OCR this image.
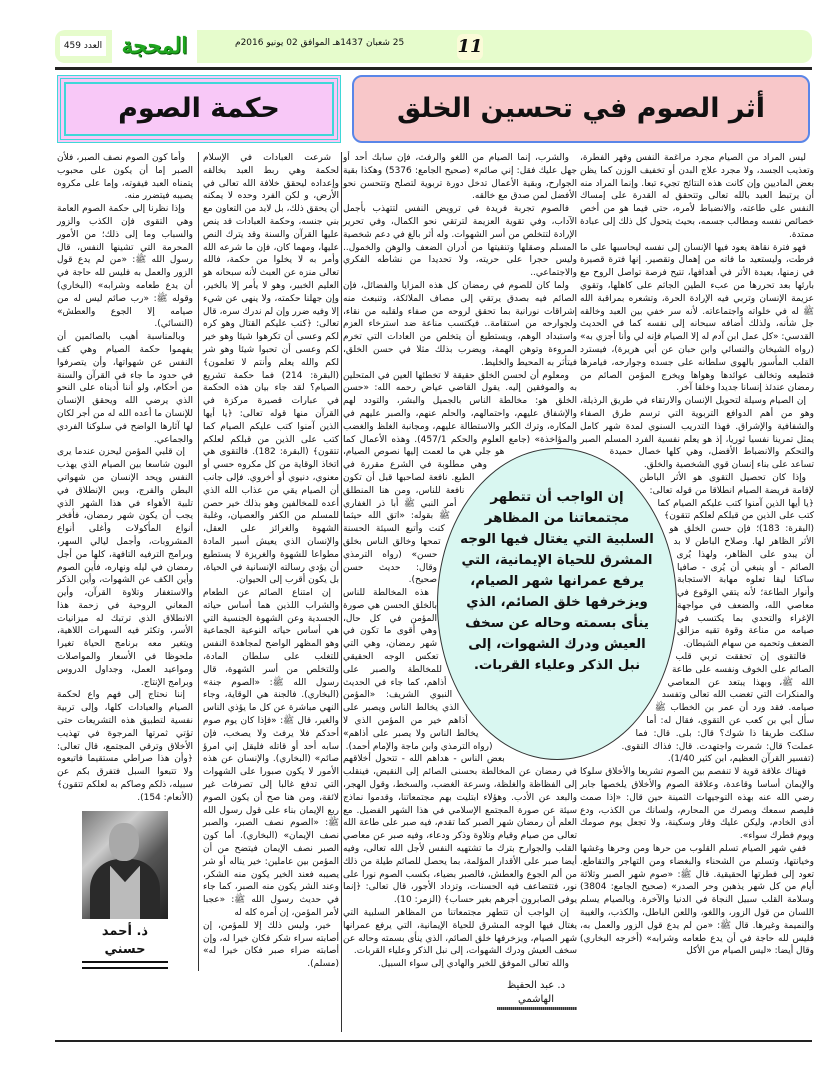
العدد 459 المحجة	25 شعبان 1437هـ الموافق 02 يونيو 2016م	11
أثر الصوم في تحسين الخلق
حكمة الصوم

ليس المراد من الصيام مجرد مراغمة النفس وقهر الفطرة، وتعذيب الجسد، ولا مجرد علاج البدن أو تخفيف الوزن كما يظن بعض الماديين وإن كانت هذه النتائج تجيء تبعا. وإنما المراد منه أن يرتبط العبد بالله تعالى وتتحقق له القدرة على إمساك النفس على طاعته، والانضباط لأمره، حتى فيما هو من أخص خصائص نفسه ومطالب جسمه، بحيث يتحول كل ذلك إلى عبادة ممتدة.

فهو فترة نقاهة يعود فيها الإنسان إلى نفسه ليحاسبها على ما فرطت، وليستعيد ما فاته من إهمال وتقصير. إنها فترة قصيرة في زمنها، بعيدة الأثر في أهدافها، تتيح فرصة تواصل الروح مع بارئها بعد تحررها من عبء الطين الجاثم على كاهلها، وتقوي عزيمة الإنسان وتربي فيه الإرادة الحرة، وتشعره بمراقبة الله ﷺ له في خلواته واجتماعاته. لأنه سر خفي بين العبد وخالقه جل شأنه، ولذلك أضافه سبحانه إلى نفسه كما في الحديث القدسي: «كل عمل ابن آدم له إلا الصيام فإنه لي وأنا أجزي به» (رواه الشيخان والنسائي وابن حبان عن أبي هريرة)، فيسترد القلب المأسور بالهوى سلطانه على جسده وجوارحه، فيامرها فتطيعه وتخالف عوائدها وهواها ويخرج المؤمن الصائم من رمضان عندئذ إنسانا جديدا وخلقا آخر.

إن الصيام وسيلة لتحويل الإنسان والارتقاء في طريق الرذيلة، وهو من أهم الدوافع التربوية التي ترسم طرق الصفاء والشفافية والإشراق. فهذا التدريب السنوي لمدة شهر كامل يمثل تمرينا نفسيا ثوريا، إذ هو يعلم نفسية الفرد المسلم الصبر والتحكم والانضباط الأفضل، وهي كلها خصال حميدة تساعد على بناء إنسان قوي الشخصية والخلق.

وإذا كان تحصيل التقوى هو الأثر الباطن لإقامة فريضة الصيام انطلاقا من قوله تعالى: ﴿يا أيها الذين آمنوا كتب عليكم الصيام كما كتب على الذين من قبلكم لعلكم تتقون﴾ (البقرة: 183)؛ فإن حسن الخلق هو الأثر الظاهر لها. وصلاح الباطن لا بد أن يبدو على الظاهر، ولهذا يُرى الصائم - أو ينبغي أن يُرى - صافيا ساكنا ليقا تعلوه مهابة الاستجابة وأنوار الطاعة؛ لأنه يتقي الوقوع في معاصي الله، والضعف في مواجهة الإغراء والتحدي بما يكتسب في صيامه من مناعة وقوة تقيه مزالق الضعف وتحميه من سهام الشيطان.

فالتقوى إن تحققت تربي قلب الصائم على الخوف ونفسه على طاعة الله ﷺ، وبهذا يبتعد عن المعاصي والمنكرات التي تغضب الله تعالى وتفسد صيامه. فقد ورد أن عمر بن الخطاب ﷺ سأل أبي بن كعب عن التقوى، فقال له: أما سلكت طريقا ذا شوك؟ قال: بلى. قال: فما عملت؟ قال: شمرت واجتهدت. قال: فذاك التقوى. (تفسير القرآن العظيم، ابن كثير 1/40).

فهناك علاقة قوية لا تنفصم بين الصوم تشريعا والأخلاق سلوكا والإيمان أساسا وقاعدة، وعلاقة الصوم والأخلاق يلخصها جابر رضي الله عنه بهذه التوجيهات الثمينة حين قال: «إذا صمت فليصم سمعك وبصرك من المحارم، ولسانك من الكذب، ودع أذى الخادم، وليكن عليك وقار وسكينة، ولا تجعل يوم صومك ويوم فطرك سواء».

ففي شهر الصيام تسلم القلوب من حرها ومن وحرها وغشها وخيانتها، وتسلم من الشحناء والبغضاء ومن التهاجر والتقاطع. تعود إلى فطرتها الحقيقية. قال ﷺ: «صوم شهر الصبر وثلاثة أيام من كل شهر يذهبن وحر الصدر» (صحيح الجامع: 3804) وسلامة القلب سبيل النجاة في الدنيا والآخرة. وبالصيام يسلم اللسان من قول الزور، واللغو، واللعن الباطل، والكذب، والغيبة والنميمة وغيرها. قال ﷺ: «من لم يدع قول الزور والعمل به، فليس لله حاجة في أن يدع طعامه وشرابه» (أخرجه البخاري) وقال أيضا: «ليس الصيام من الأكل

والشرب، إنما الصيام من اللغو والرفث، فإن سابك أحد أو جهل عليك فقل: إني صائم» (صحيح الجامع: 5376) وهكذا بقية الجوارح، وبقية الأعمال تدخل دورة تربوية لتصلح وتتحسن نحو الأفضل لمن صدق مع خالقه.

فالصوم تجربة فريدة في ترويض النفس لتتهذب بأجمل الآداب، وفي تقوية العزيمة لترتقي نحو الكمال، وفي تحرير الإرادة لتتخلص من أسر الشهوات. وله أثر بالغ في دعم شخصية المسلم وصقلها وتنقيتها من أدران الضعف والوهن والخمول.. وليس حجرا على حريته، ولا تحديدا من نشاطه الفكري والاجتماعي..

ولما كان للصوم في رمضان كل هذه المزايا والفضائل، فإن الصائم فيه بصدق يرتقي إلى مصاف الملائكة، وتنبعث منه إشراقات نورانية بما تحقق لروحه من صفاء ولقلبه من نقاء، ولجوارحه من استقامة.. فيكتسب مناعة ضد استرخاء العزم واستبداد الوهم، ويستطيع أن يتخلص من العادات التي تخرم المروءة وتوهن الهمة، ويضرب بذلك مثلا في حسن الخلق، فيتأثر به المحيط والخليط.

ومعلوم أن لحسن الخلق حقيقة لا تخطئها العين في المتحلين به والموفقين إليه. يقول القاضي عياض رحمه الله: «حسن الخلق هو: مخالطة الناس بالجميل والبشر، والتودد لهم والإشفاق عليهم، واحتمالهم، والحلم عنهم، والصبر عليهم في المكاره، وترك الكبر والاستطالة عليهم، ومجانبة الغلظ والغضب والمؤاخذة» (جامع العلوم والحكم 457/1). وهذه الأعمال كما هو جلي هي ما لعمت إليها نصوص الصيام، وهي مطلوبة في الشرع مقررة في الطبع. نافعة لصاحبها قبل أن تكون نافعة للناس، ومن هنا المنطلق أمر النبي ﷺ أبا ذر الغفاري ﷺ بقوله: «اتق الله حيثما كنت وأتبع السيئة الحسنة تمحها وخالق الناس بخلق حسن» (رواه الترمذي وقال: حديث حسن صحيح).

هذه المخالطة للناس بالخلق الحسن هي صورة المؤمن في كل حال، وهي أقوى ما تكون في شهر رمضان، وهي التي تعكس الوجه الحقيقي للمخالطة والصبر على أذاهم، كما جاء في الحديث النبوي الشريف: «المؤمن الذي يخالط الناس ويصبر على أذاهم خير من المؤمن الذي لا يخالط الناس ولا يصبر على أذاهم» (رواه الترمذي وابن ماجة والإمام أحمد).

بعض الناس - هداهم الله - تتحول أخلاقهم في رمضان عن المخالطة بحسنى الصائم إلى النقيض، فينقلب إلى الفظاظة والغلظة، وسرعة الغضب، والسخط، وقول الهجر، والبعد عن الأدب. وهؤلاء ابتليت بهم مجتمعاتنا، وقدموا نماذج سيئة عن صورة المجتمع الإسلامي في هذا الشهر الفضيل. مع العلم أن رمضان شهر الصبر كما تقدم، فيه صبر على طاعة الله تعالى من صيام وقيام وتلاوة وذكر ودعاء، وفيه صبر عن معاصي القلب والجوارح بترك ما تشتهيه النفس لأجل الله تعالى، وفيه أيضا صبر على الأقدار المؤلمة، بما يحصل للصائم طيلة من ذلك من ألم الجوع والعطش، فالصبر بضياء، بكسب الصوم نورا على نور، فتتضاعف فيه الحسنات، وتزداد الأجور، قال تعالى: ﴿إنما يوفى الصابرون أجرهم بغير حساب﴾ (الزمر: 10).

إن الواجب أن تتطهر مجتمعاتنا من المظاهر السلبية التي يغتال فيها الوجه المشرق للحياة الإيمانية، التي يرفع عمرانها شهر الصيام، ويزخرفها خلق الصائم، الذي ينأى بسمته وحاله عن سخف العيش ودرك الشهوات، إلى نبل الذكر وعلياء القربات.

والله تعالى الموفق للخير والهادي إلى سواء السبيل.

د. عبد الحفيظ الهاشمي
إن الواجب أن تتطهر مجتمعاتنا من المظاهر السلبية التي يغتال فيها الوجه المشرق للحياة الإيمانية، التي يرفع عمرانها شهر الصيام، ويزخرفها خلق الصائم، الذي ينأى بسمته وحاله عن سخف العيش ودرك الشهوات، إلى نبل الذكر وعلياء القربات.

شرعت العبادات في الإسلام لحكمة وهي ربط العبد بخالقه وإعداده ليحقق خلافة الله تعالى في الأرض، و لكن الفرد وحده لا يمكنه أن يحقق ذلك، بل لابد من التعاون مع بني جنسه، وحكمة العبادات قد ينص عليها القرآن والسنة وقد يترك النص عليها، ومهما كان، فإن ما شرعه الله وأمر به لا يخلوا من حكمة، فالله تعالى منزه عن العبث لأنه سبحانه هو العليم الخبير، وهو لا يأمر إلا بالخير، وإن جهلنا حكمته، ولا ينهى عن شيء إلا وفيه ضرر وإن لم ندرك سره، قال تعالى: ﴿كتب عليكم القتال وهو كره لكم وعسى أن تكرهوا شيئا وهو خير لكم وعسى أن تحبوا شيئا وهو شر لكم والله يعلم وأنتم لا تعلمون﴾ (البقرة: 214) فما حكمة تشريع الصيام؟ لقد جاء بيان هذه الحكمة في عبارات قصيرة مركزة في القرآن منها قوله تعالى: ﴿يا أيها الذين آمنوا كتب عليكم الصيام كما كتب على الذين من قبلكم لعلكم تتقون﴾ (البقرة: 182). فالتقوى هي اتخاذ الوقاية من كل مكروه حسي أو معنوي، دنيوي أو أخروي. فإلى جانب أن الصيام يقي من عذاب الله الذي أعده للمخالفين وهو بذلك خير حصن للمسلم من الكفر والعصيان، وغلبة الشهوة والغرائز على العقل، والإنسان الذي يعيش أسير المادة مطواعا للشهوة والغريزة لا يستطيع أن يؤدي رسالته الإنسانية في الحياة، بل يكون أقرب إلى الحيوان.

إن امتناع الصائم عن الطعام والشراب اللذين هما أساس حياته الجسدية وعن الشهوة الجنسية التي هي أساس حياته النوعية الجماعية وهو المظهر الواضح لمجاهدة النفس للتغلب على سلطان المادة، وللتخلص من أسر الشهوة، قال رسول الله ﷺ: «الصوم جنة» (البخاري). فالجنة هي الوقاية، وجاء النهي مباشرة عن كل ما يؤذي الناس والغير، قال ﷺ: «فإذا كان يوم صوم أحدكم فلا يرفث ولا يصخب، فإن سابه أحد أو قاتله فليقل إني امرؤ صائم» (البخاري). والإنسان عن هذه الأمور لا يكون صبورا على الشهوات التي تدفع غالبا إلى تصرفات غير لائقة، ومن هنا صح أن يكون الصوم ربع الإيمان بناء على قول رسول الله ﷺ: «الصوم نصف الصبر، والصبر نصف الإيمان» (البخاري). أما كون الصبر نصف الإيمان فيتضح من أن المؤمن بين عاملين: خير يناله أو شر يصيبه فعند الخير يكون منه الشكر، وعند الشر يكون منه الصبر، كما جاء في حديث رسول الله ﷺ: «عجبا لأمر المؤمن، إن أمره كله له

خير، وليس ذلك إلا للمؤمن، إن أصابته سراء شكر فكان خيرا له، وإن أصابته ضراء صبر فكان خيرا له» (مسلم).

وأما كون الصوم نصف الصبر، فلأن الصبر إما أن يكون على محبوب يتمناه العبد فيفوته، وإما على مكروه يصيبه فيتضرر منه.

وإذا نظرنا إلى حكمة الصوم العامة وهي التقوى فإن الكذب والزور والسباب وما إلى ذلك؛ من الأمور المحرمة التي تشينها النفس، قال رسول الله ﷺ: «من لم يدع قول الزور والعمل به فليس لله حاجة في أن يدع طعامه وشرابه» (البخاري) وقوله ﷺ: «رب صائم ليس له من صيامه إلا الجوع والعطش» (النسائي).

وبالمناسبة أهيب بالصائمين أن يفهموا حكمة الصيام وهي كف النفس عن شهواتها، وأن يتصرفوا في حدود ما جاء في القرآن والسنة من أحكام، ولو أننا أديناه على النحو الذي يرضي الله ويحقق الإنسان للإنسان ما أعده الله له من أجر لكان لها آثارها الواضح في سلوكنا الفردي والجماعي.

إن قلبي المؤمن ليحزن عندما يرى البون شاسعا بين الصيام الذي يهذب النفس ويحد الإنسان من شهواتي البطن والفرج، وبين الإنطلاق في تلبية الأهواء في هذا الشهر الذي يجب أن يكون شهر رمضان، فأفخر أنواع المأكولات وأغلى أنواع المشروبات، وأجمل ليالي السهر، وبرامج الترفيه التافهة، كلها من أجل رمضان في ليله ونهاره، فأين الصوم وأين الكف عن الشهوات، وأين الذكر والاستغفار وتلاوة القرآن، وأين المعاني الروحية في زحمة هذا الانطلاق الذي ترتبك له ميزانيات الأسر، وتكثر فيه السهرات اللاهية، ويتغير معه برنامج الحياة تغيرا ملحوظا في الأسعار والمواصلات ومواعيد العمل، وجداول الدروس وبرامج الإنتاج.

إننا نحتاج إلى فهم واع لحكمة الصيام والعبادات كلها، وإلى تربية نفسية لتطبيق هذه التشريعات حتى تؤتي ثمرتها المرجوة في تهذيب الأخلاق وترقي المجتمع، قال تعالى: ﴿وأن هذا صراطي مستقيما فاتبعوه ولا تتبعوا السبل فتفرق بكم عن سبيله، ذلكم وصاكم به لعلكم تتقون﴾ (الأنعام: 154).

ذ. أحمد حسني
